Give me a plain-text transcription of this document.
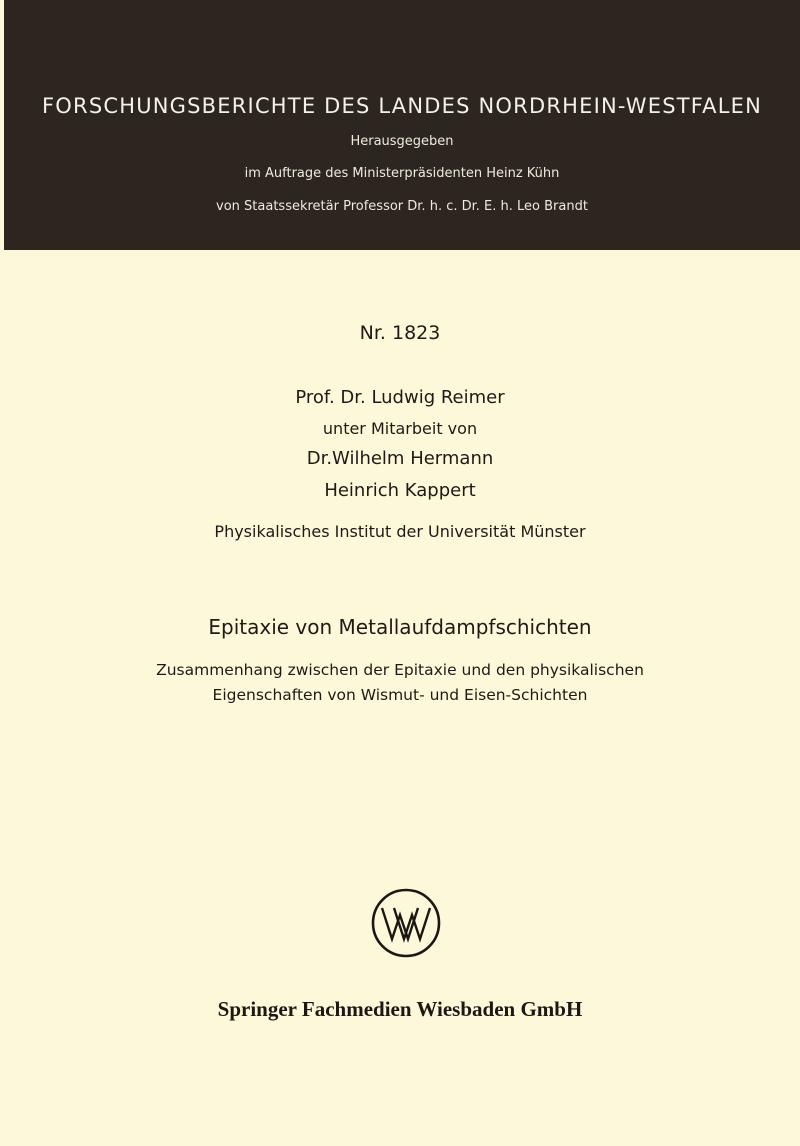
FORSCHUNGSBERICHTE DES LANDES NORDRHEIN-WESTFALEN
Herausgegeben
im Auftrage des Ministerpräsidenten Heinz Kühn
von Staatssekretär Professor Dr. h. c. Dr. E. h. Leo Brandt
Nr. 1823
Prof. Dr. Ludwig Reimer
unter Mitarbeit von
Dr.Wilhelm Hermann
Heinrich Kappert
Physikalisches Institut der Universität Münster
Epitaxie von Metallaufdampfschichten
Zusammenhang zwischen der Epitaxie und den physikalischen
Eigenschaften von Wismut- und Eisen-Schichten
Springer Fachmedien Wiesbaden GmbH
